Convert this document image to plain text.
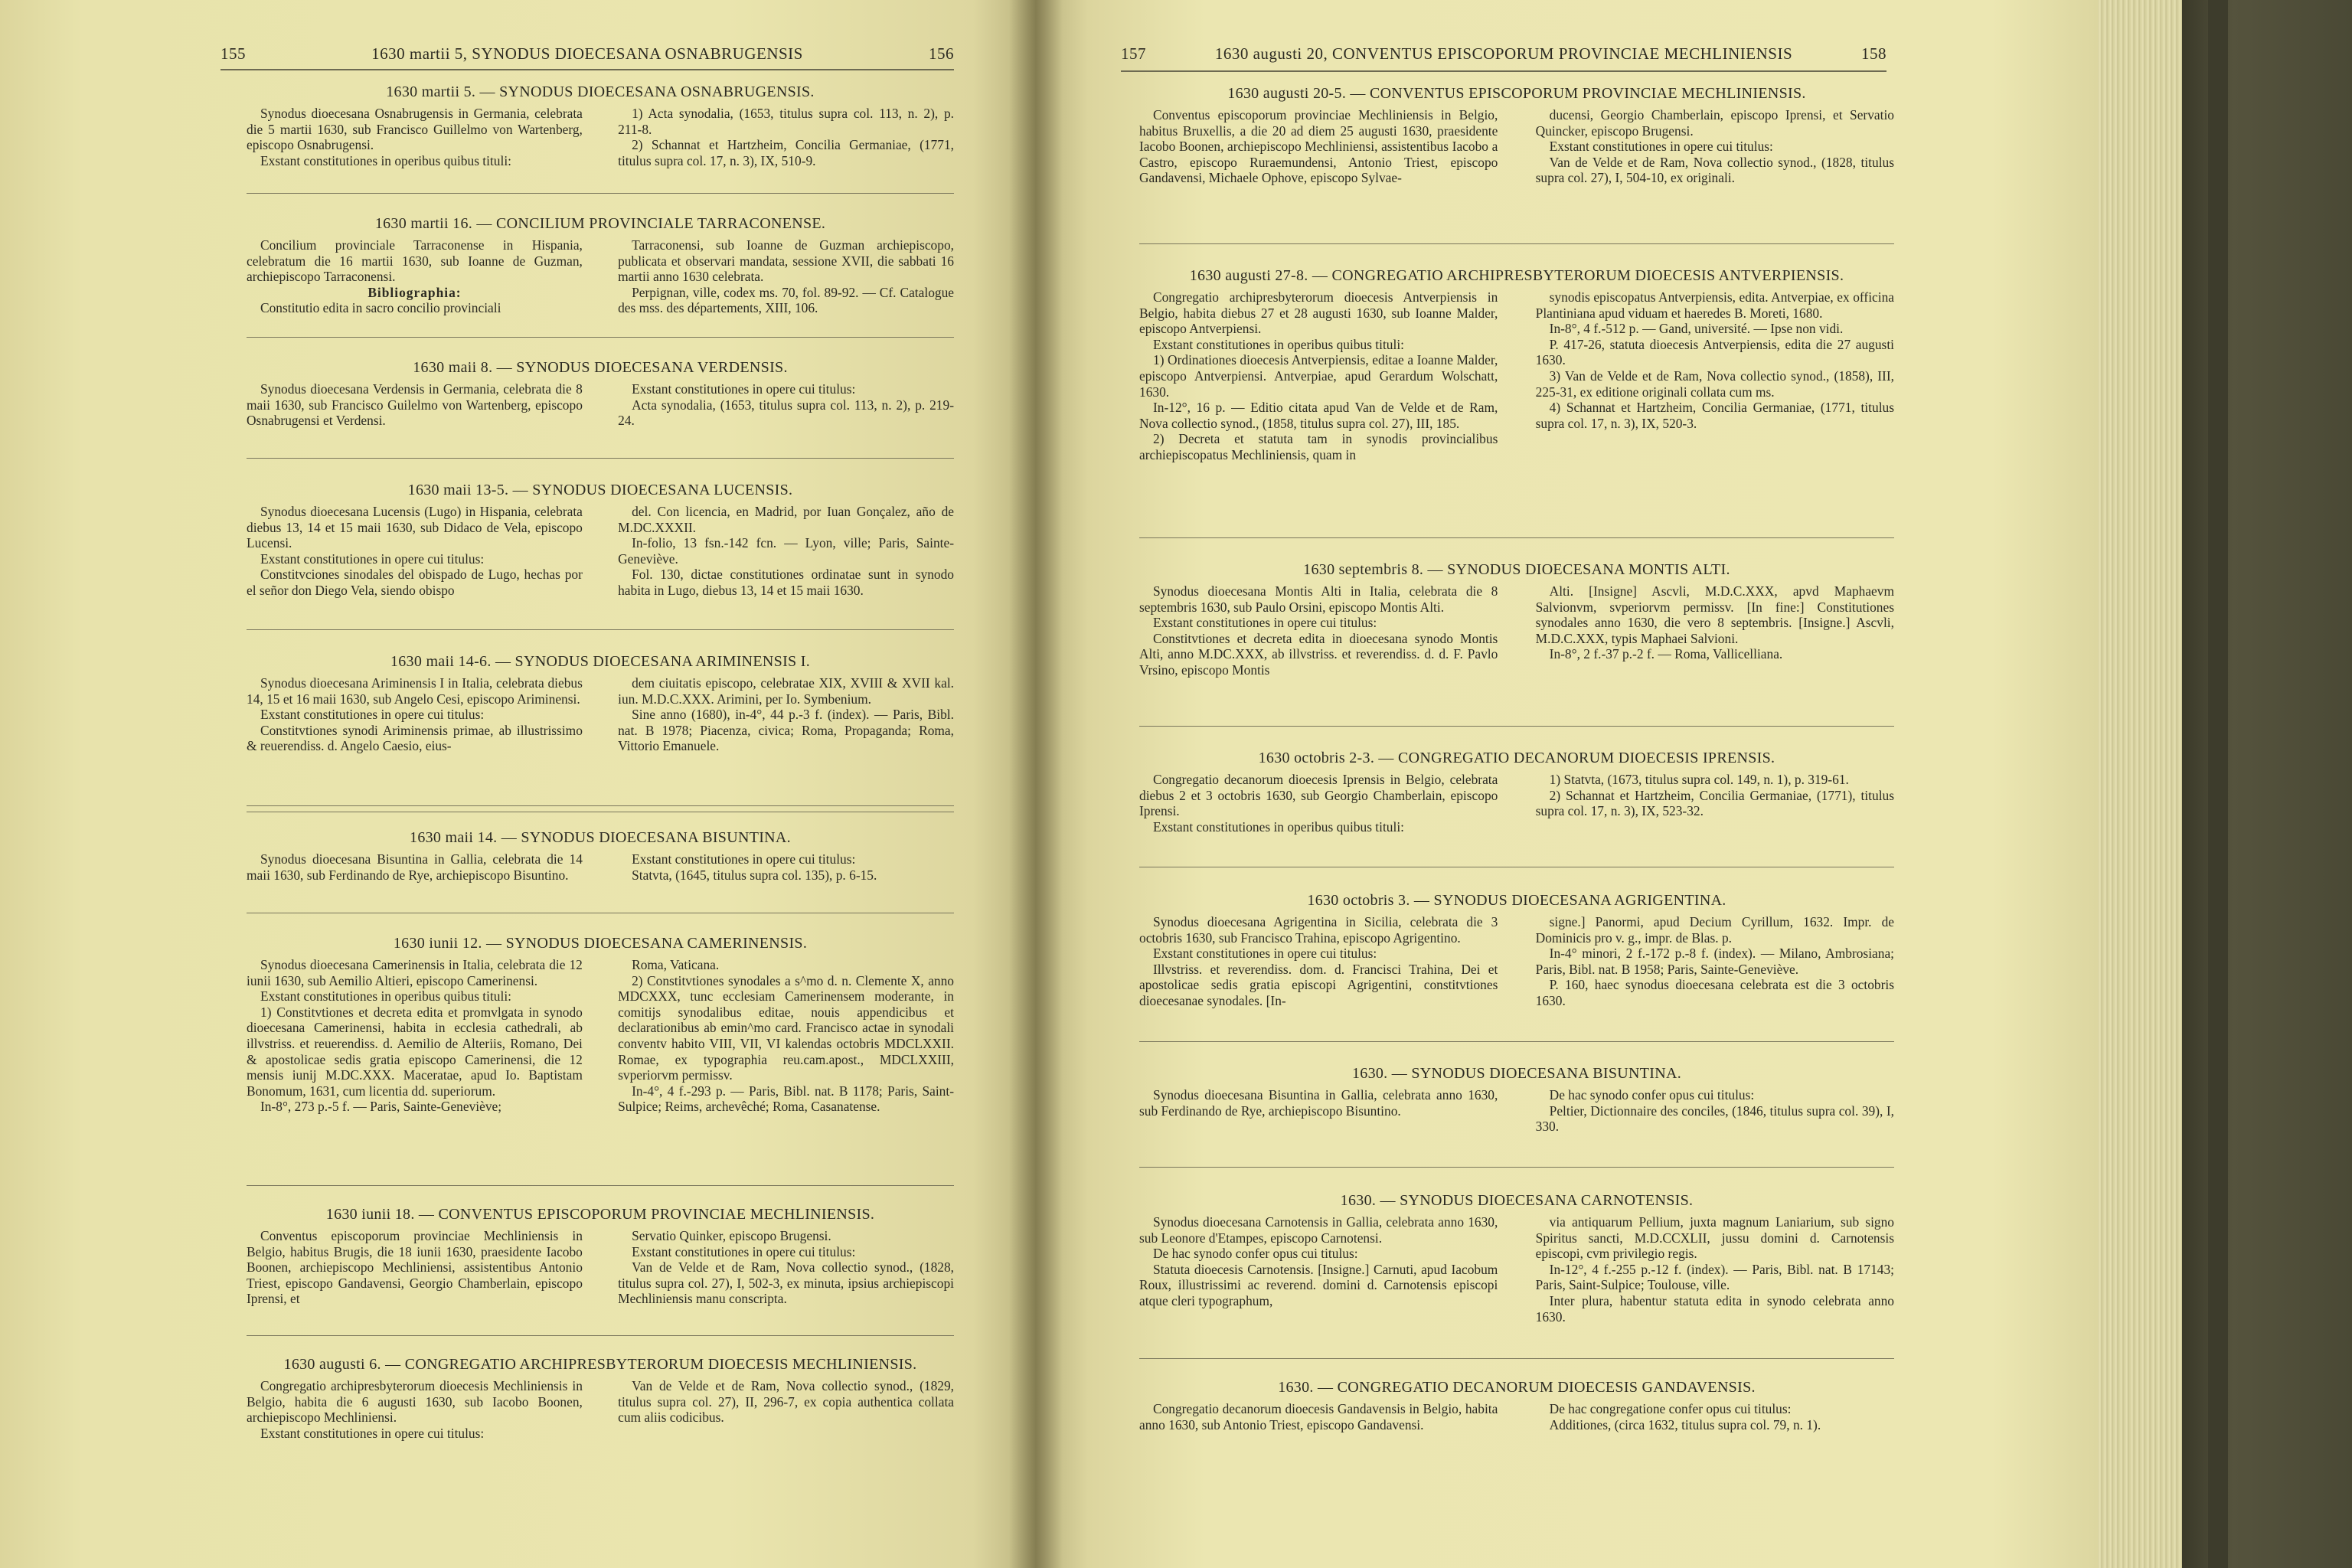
155	1630 martii 5, SYNODUS DIOECESANA OSNABRUGENSIS	156
1630 martii 5. — SYNODUS DIOECESANA OSNABRUGENSIS.

Synodus dioecesana Osnabrugensis in Germania, celebrata die 5 martii 1630, sub Francisco Guillelmo von Wartenberg, episcopo Osnabrugensi.

Exstant constitutiones in operibus quibus tituli:

1) Acta synodalia, (1653, titulus supra col. 113, n. 2), p. 211-8.

2) Schannat et Hartzheim, Concilia Germaniae, (1771, titulus supra col. 17, n. 3), IX, 510-9.

1630 martii 16. — CONCILIUM PROVINCIALE TARRACONENSE.

Concilium provinciale Tarraconense in Hispania, celebratum die 16 martii 1630, sub Ioanne de Guzman, archiepiscopo Tarraconensi.

Bibliographia:

Constitutio edita in sacro concilio provinciali

Tarraconensi, sub Ioanne de Guzman archiepiscopo, publicata et observari mandata, sessione XVII, die sabbati 16 martii anno 1630 celebrata.

Perpignan, ville, codex ms. 70, fol. 89-92. — Cf. Catalogue des mss. des départements, XIII, 106.

1630 maii 8. — SYNODUS DIOECESANA VERDENSIS.

Synodus dioecesana Verdensis in Germania, celebrata die 8 maii 1630, sub Francisco Guilelmo von Wartenberg, episcopo Osnabrugensi et Verdensi.

Exstant constitutiones in opere cui titulus:

Acta synodalia, (1653, titulus supra col. 113, n. 2), p. 219-24.

1630 maii 13-5. — SYNODUS DIOECESANA LUCENSIS.

Synodus dioecesana Lucensis (Lugo) in Hispania, celebrata diebus 13, 14 et 15 maii 1630, sub Didaco de Vela, episcopo Lucensi.

Exstant constitutiones in opere cui titulus:

Constitvciones sinodales del obispado de Lugo, hechas por el señor don Diego Vela, siendo obispo

del. Con licencia, en Madrid, por Iuan Gonçalez, año de M.DC.XXXII.

In-folio, 13 fsn.-142 fcn. — Lyon, ville; Paris, Sainte-Geneviève.

Fol. 130, dictae constitutiones ordinatae sunt in synodo habita in Lugo, diebus 13, 14 et 15 maii 1630.

1630 maii 14-6. — SYNODUS DIOECESANA ARIMINENSIS I.

Synodus dioecesana Ariminensis I in Italia, celebrata diebus 14, 15 et 16 maii 1630, sub Angelo Cesi, episcopo Ariminensi.

Exstant constitutiones in opere cui titulus:

Constitvtiones synodi Ariminensis primae, ab illustrissimo & reuerendiss. d. Angelo Caesio, eius-

dem ciuitatis episcopo, celebratae XIX, XVIII & XVII kal. iun. M.D.C.XXX. Arimini, per Io. Symbenium.

Sine anno (1680), in-4°, 44 p.-3 f. (index). — Paris, Bibl. nat. B 1978; Piacenza, civica; Roma, Propaganda; Roma, Vittorio Emanuele.

1630 maii 14. — SYNODUS DIOECESANA BISUNTINA.

Synodus dioecesana Bisuntina in Gallia, celebrata die 14 maii 1630, sub Ferdinando de Rye, archiepiscopo Bisuntino.

Exstant constitutiones in opere cui titulus:

Statvta, (1645, titulus supra col. 135), p. 6-15.

1630 iunii 12. — SYNODUS DIOECESANA CAMERINENSIS.

Synodus dioecesana Camerinensis in Italia, celebrata die 12 iunii 1630, sub Aemilio Altieri, episcopo Camerinensi.

Exstant constitutiones in operibus quibus tituli:

1) Constitvtiones et decreta edita et promvlgata in synodo dioecesana Camerinensi, habita in ecclesia cathedrali, ab illvstriss. et reuerendiss. d. Aemilio de Alteriis, Romano, Dei & apostolicae sedis gratia episcopo Camerinensi, die 12 mensis iunij M.DC.XXX. Maceratae, apud Io. Baptistam Bonomum, 1631, cum licentia dd. superiorum.

In-8°, 273 p.-5 f. — Paris, Sainte-Geneviève;

Roma, Vaticana.

2) Constitvtiones synodales a s^mo d. n. Clemente X, anno MDCXXX, tunc ecclesiam Camerinensem moderante, in comitijs synodalibus editae, nouis appendicibus et declarationibus ab emin^mo card. Francisco actae in synodali conventv habito VIII, VII, VI kalendas octobris MDCLXXII. Romae, ex typographia reu.cam.apost., MDCLXXIII, svperiorvm permissv.

In-4°, 4 f.-293 p. — Paris, Bibl. nat. B 1178; Paris, Saint-Sulpice; Reims, archevêché; Roma, Casanatense.

1630 iunii 18. — CONVENTUS EPISCOPORUM PROVINCIAE MECHLINIENSIS.

Conventus episcoporum provinciae Mechliniensis in Belgio, habitus Brugis, die 18 iunii 1630, praesidente Iacobo Boonen, archiepiscopo Mechliniensi, assistentibus Antonio Triest, episcopo Gandavensi, Georgio Chamberlain, episcopo Iprensi, et

Servatio Quinker, episcopo Brugensi.

Exstant constitutiones in opere cui titulus:

Van de Velde et de Ram, Nova collectio synod., (1828, titulus supra col. 27), I, 502-3, ex minuta, ipsius archiepiscopi Mechliniensis manu conscripta.

1630 augusti 6. — CONGREGATIO ARCHIPRESBYTERORUM DIOECESIS MECHLINIENSIS.

Congregatio archipresbyterorum dioecesis Mechliniensis in Belgio, habita die 6 augusti 1630, sub Iacobo Boonen, archiepiscopo Mechliniensi.

Exstant constitutiones in opere cui titulus:

Van de Velde et de Ram, Nova collectio synod., (1829, titulus supra col. 27), II, 296-7, ex copia authentica collata cum aliis codicibus.

157	1630 augusti 20, CONVENTUS EPISCOPORUM PROVINCIAE MECHLINIENSIS	158
1630 augusti 20-5. — CONVENTUS EPISCOPORUM PROVINCIAE MECHLINIENSIS.

Conventus episcoporum provinciae Mechliniensis in Belgio, habitus Bruxellis, a die 20 ad diem 25 augusti 1630, praesidente Iacobo Boonen, archiepiscopo Mechliniensi, assistentibus Iacobo a Castro, episcopo Ruraemundensi, Antonio Triest, episcopo Gandavensi, Michaele Ophove, episcopo Sylvae-

ducensi, Georgio Chamberlain, episcopo Iprensi, et Servatio Quincker, episcopo Brugensi.

Exstant constitutiones in opere cui titulus:

Van de Velde et de Ram, Nova collectio synod., (1828, titulus supra col. 27), I, 504-10, ex originali.

1630 augusti 27-8. — CONGREGATIO ARCHIPRESBYTERORUM DIOECESIS ANTVERPIENSIS.

Congregatio archipresbyterorum dioecesis Antverpiensis in Belgio, habita diebus 27 et 28 augusti 1630, sub Ioanne Malder, episcopo Antverpiensi.

Exstant constitutiones in operibus quibus tituli:

1) Ordinationes dioecesis Antverpiensis, editae a Ioanne Malder, episcopo Antverpiensi. Antverpiae, apud Gerardum Wolschatt, 1630.

In-12°, 16 p. — Editio citata apud Van de Velde et de Ram, Nova collectio synod., (1858, titulus supra col. 27), III, 185.

2) Decreta et statuta tam in synodis provincialibus archiepiscopatus Mechliniensis, quam in

synodis episcopatus Antverpiensis, edita. Antverpiae, ex officina Plantiniana apud viduam et haeredes B. Moreti, 1680.

In-8°, 4 f.-512 p. — Gand, université. — Ipse non vidi.

P. 417-26, statuta dioecesis Antverpiensis, edita die 27 augusti 1630.

3) Van de Velde et de Ram, Nova collectio synod., (1858), III, 225-31, ex editione originali collata cum ms.

4) Schannat et Hartzheim, Concilia Germaniae, (1771, titulus supra col. 17, n. 3), IX, 520-3.

1630 septembris 8. — SYNODUS DIOECESANA MONTIS ALTI.

Synodus dioecesana Montis Alti in Italia, celebrata die 8 septembris 1630, sub Paulo Orsini, episcopo Montis Alti.

Exstant constitutiones in opere cui titulus:

Constitvtiones et decreta edita in dioecesana synodo Montis Alti, anno M.DC.XXX, ab illvstriss. et reverendiss. d. d. F. Pavlo Vrsino, episcopo Montis

Alti. [Insigne] Ascvli, M.D.C.XXX, apvd Maphaevm Salvionvm, svperiorvm permissv. [In fine:] Constitutiones synodales anno 1630, die vero 8 septembris. [Insigne.] Ascvli, M.D.C.XXX, typis Maphaei Salvioni.

In-8°, 2 f.-37 p.-2 f. — Roma, Vallicelliana.

1630 octobris 2-3. — CONGREGATIO DECANORUM DIOECESIS IPRENSIS.

Congregatio decanorum dioecesis Iprensis in Belgio, celebrata diebus 2 et 3 octobris 1630, sub Georgio Chamberlain, episcopo Iprensi.

Exstant constitutiones in operibus quibus tituli:

1) Statvta, (1673, titulus supra col. 149, n. 1), p. 319-61.

2) Schannat et Hartzheim, Concilia Germaniae, (1771), titulus supra col. 17, n. 3), IX, 523-32.

1630 octobris 3. — SYNODUS DIOECESANA AGRIGENTINA.

Synodus dioecesana Agrigentina in Sicilia, celebrata die 3 octobris 1630, sub Francisco Trahina, episcopo Agrigentino.

Exstant constitutiones in opere cui titulus:

Illvstriss. et reverendiss. dom. d. Francisci Trahina, Dei et apostolicae sedis gratia episcopi Agrigentini, constitvtiones dioecesanae synodales. [In-

signe.] Panormi, apud Decium Cyrillum, 1632. Impr. de Dominicis pro v. g., impr. de Blas. p.

In-4° minori, 2 f.-172 p.-8 f. (index). — Milano, Ambrosiana; Paris, Bibl. nat. B 1958; Paris, Sainte-Geneviève.

P. 160, haec synodus dioecesana celebrata est die 3 octobris 1630.

1630. — SYNODUS DIOECESANA BISUNTINA.

Synodus dioecesana Bisuntina in Gallia, celebrata anno 1630, sub Ferdinando de Rye, archiepiscopo Bisuntino.

De hac synodo confer opus cui titulus:

Peltier, Dictionnaire des conciles, (1846, titulus supra col. 39), I, 330.

1630. — SYNODUS DIOECESANA CARNOTENSIS.

Synodus dioecesana Carnotensis in Gallia, celebrata anno 1630, sub Leonore d'Etampes, episcopo Carnotensi.

De hac synodo confer opus cui titulus:

Statuta dioecesis Carnotensis. [Insigne.] Carnuti, apud Iacobum Roux, illustrissimi ac reverend. domini d. Carnotensis episcopi atque cleri typographum,

via antiquarum Pellium, juxta magnum Laniarium, sub signo Spiritus sancti, M.D.CCXLII, jussu domini d. Carnotensis episcopi, cvm privilegio regis.

In-12°, 4 f.-255 p.-12 f. (index). — Paris, Bibl. nat. B 17143; Paris, Saint-Sulpice; Toulouse, ville.

Inter plura, habentur statuta edita in synodo celebrata anno 1630.

1630. — CONGREGATIO DECANORUM DIOECESIS GANDAVENSIS.

Congregatio decanorum dioecesis Gandavensis in Belgio, habita anno 1630, sub Antonio Triest, episcopo Gandavensi.

De hac congregatione confer opus cui titulus:

Additiones, (circa 1632, titulus supra col. 79, n. 1).
